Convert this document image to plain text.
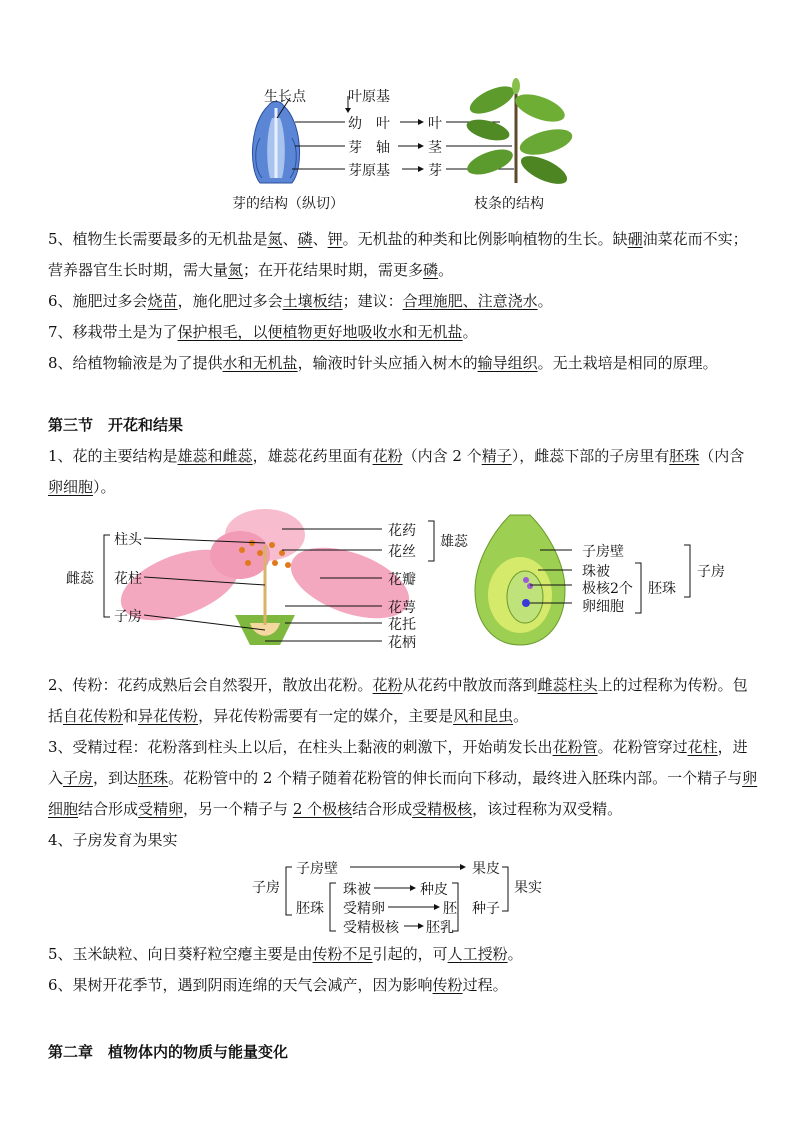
生长点	叶原基
幼　叶
芽　轴
芽原基
叶
茎
芽
芽的结构（纵切）	枝条的结构
5、植物生长需要最多的无机盐是氮、磷、钾。无机盐的种类和比例影响植物的生长。缺硼油菜花而不实；营养器官生长时期，需大量氮；在开花结果时期，需更多磷。
6、施肥过多会烧苗，施化肥过多会土壤板结；建议：合理施肥、注意浇水。
7、移栽带土是为了保护根毛，以便植物更好地吸收水和无机盐。
8、给植物输液是为了提供水和无机盐，输液时针头应插入树木的输导组织。无土栽培是相同的原理。
第三节　开花和结果
1、花的主要结构是雄蕊和雌蕊，雄蕊花药里面有花粉（内含 2 个精子），雌蕊下部的子房里有胚珠（内含卵细胞）。
雌蕊
柱头
花柱
子房
花药
花丝
雄蕊
花瓣
花萼
花托
花柄
子房壁
珠被
极核2个
卵细胞
胚珠
子房
2、传粉：花药成熟后会自然裂开，散放出花粉。花粉从花药中散放而落到雌蕊柱头上的过程称为传粉。包括自花传粉和异花传粉，异花传粉需要有一定的媒介，主要是风和昆虫。
3、受精过程：花粉落到柱头上以后，在柱头上黏液的刺激下，开始萌发长出花粉管。花粉管穿过花柱，进入子房，到达胚珠。花粉管中的 2 个精子随着花粉管的伸长而向下移动，最终进入胚珠内部。一个精子与卵细胞结合形成受精卵，另一个精子与 2 个极核结合形成受精极核，该过程称为双受精。
4、子房发育为果实
子房
子房壁	果皮
果实
胚珠
珠被	种皮
受精卵	胚
受精极核 胚乳
种子
5、玉米缺粒、向日葵籽粒空瘪主要是由传粉不足引起的，可人工授粉。
6、果树开花季节，遇到阴雨连绵的天气会减产，因为影响传粉过程。
第二章　植物体内的物质与能量变化
